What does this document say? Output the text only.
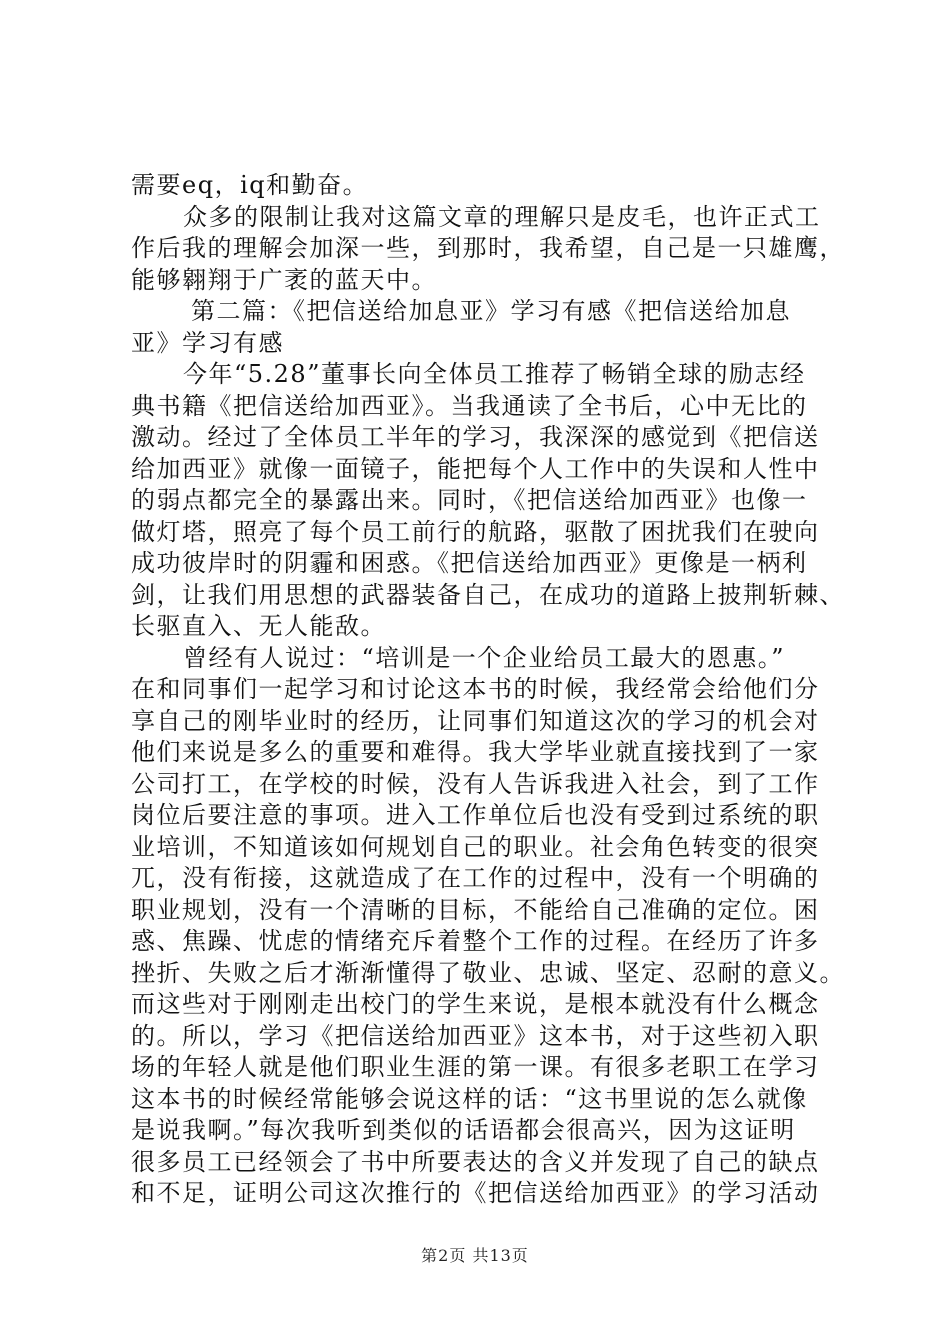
需要eq，iq和勤奋。
众多的限制让我对这篇文章的理解只是皮毛，也许正式工
作后我的理解会加深一些，到那时，我希望，自己是一只雄鹰，
能够翱翔于广袤的蓝天中。
第二篇：《把信送给加息亚》学习有感《把信送给加息
亚》学习有感
今年“5.28”董事长向全体员工推荐了畅销全球的励志经
典书籍《把信送给加西亚》。当我通读了全书后，心中无比的
激动。经过了全体员工半年的学习，我深深的感觉到《把信送
给加西亚》就像一面镜子，能把每个人工作中的失误和人性中
的弱点都完全的暴露出来。同时，《把信送给加西亚》也像一
做灯塔，照亮了每个员工前行的航路，驱散了困扰我们在驶向
成功彼岸时的阴霾和困惑。《把信送给加西亚》更像是一柄利
剑，让我们用思想的武器装备自己，在成功的道路上披荆斩棘、
长驱直入、无人能敌。
曾经有人说过：“培训是一个企业给员工最大的恩惠。”
在和同事们一起学习和讨论这本书的时候，我经常会给他们分
享自己的刚毕业时的经历，让同事们知道这次的学习的机会对
他们来说是多么的重要和难得。我大学毕业就直接找到了一家
公司打工，在学校的时候，没有人告诉我进入社会，到了工作
岗位后要注意的事项。进入工作单位后也没有受到过系统的职
业培训，不知道该如何规划自己的职业。社会角色转变的很突
兀，没有衔接，这就造成了在工作的过程中，没有一个明确的
职业规划，没有一个清晰的目标，不能给自己准确的定位。困
惑、焦躁、忧虑的情绪充斥着整个工作的过程。在经历了许多
挫折、失败之后才渐渐懂得了敬业、忠诚、坚定、忍耐的意义。
而这些对于刚刚走出校门的学生来说，是根本就没有什么概念
的。所以，学习《把信送给加西亚》这本书，对于这些初入职
场的年轻人就是他们职业生涯的第一课。有很多老职工在学习
这本书的时候经常能够会说这样的话：“这书里说的怎么就像
是说我啊。”每次我听到类似的话语都会很高兴，因为这证明
很多员工已经领会了书中所要表达的含义并发现了自己的缺点
和不足，证明公司这次推行的《把信送给加西亚》的学习活动
第2页 共13页
